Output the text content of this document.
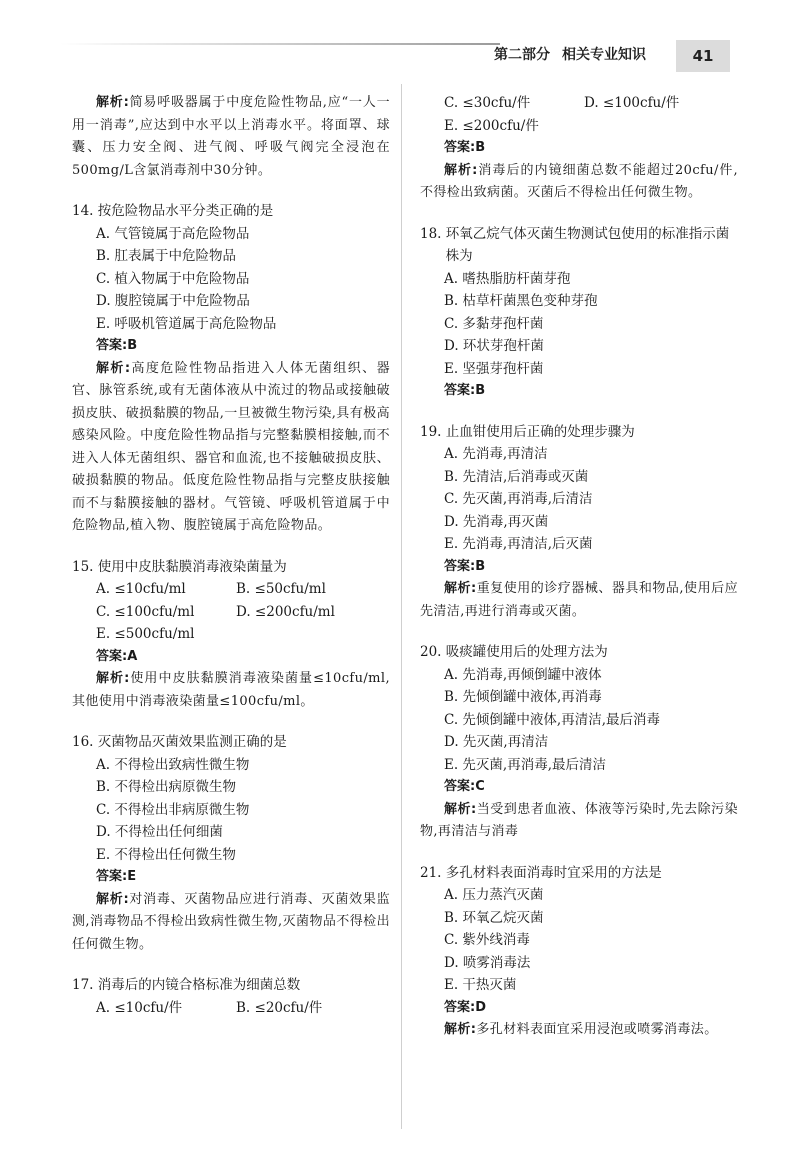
第二部分 相关专业知识	41
解析:简易呼吸器属于中度危险性物品,应“一人一用一消毒”,应达到中水平以上消毒水平。将面罩、球囊、压力安全阀、进气阀、呼吸气阀完全浸泡在500mg/L含氯消毒剂中30分钟。
14. 按危险物品水平分类正确的是
A. 气管镜属于高危险物品
B. 肛表属于中危险物品
C. 植入物属于中危险物品
D. 腹腔镜属于中危险物品
E. 呼吸机管道属于高危险物品
答案:B
解析:高度危险性物品指进入人体无菌组织、器官、脉管系统,或有无菌体液从中流过的物品或接触破损皮肤、破损黏膜的物品,一旦被微生物污染,具有极高感染风险。中度危险性物品指与完整黏膜相接触,而不进入人体无菌组织、器官和血流,也不接触破损皮肤、破损黏膜的物品。低度危险性物品指与完整皮肤接触而不与黏膜接触的器材。气管镜、呼吸机管道属于中危险物品,植入物、腹腔镜属于高危险物品。
15. 使用中皮肤黏膜消毒液染菌量为
A. ≤10cfu/ml	B. ≤50cfu/ml
C. ≤100cfu/ml	D. ≤200cfu/ml
E. ≤500cfu/ml
答案:A
解析:使用中皮肤黏膜消毒液染菌量≤10cfu/ml,其他使用中消毒液染菌量≤100cfu/ml。
16. 灭菌物品灭菌效果监测正确的是
A. 不得检出致病性微生物
B. 不得检出病原微生物
C. 不得检出非病原微生物
D. 不得检出任何细菌
E. 不得检出任何微生物
答案:E
解析:对消毒、灭菌物品应进行消毒、灭菌效果监测,消毒物品不得检出致病性微生物,灭菌物品不得检出任何微生物。
17. 消毒后的内镜合格标准为细菌总数
A. ≤10cfu/件	B. ≤20cfu/件
C. ≤30cfu/件	D. ≤100cfu/件
E. ≤200cfu/件
答案:B
解析:消毒后的内镜细菌总数不能超过20cfu/件,不得检出致病菌。灭菌后不得检出任何微生物。
18. 环氧乙烷气体灭菌生物测试包使用的标准指示菌株为
A. 嗜热脂肪杆菌芽孢
B. 枯草杆菌黑色变种芽孢
C. 多黏芽孢杆菌
D. 环状芽孢杆菌
E. 坚强芽孢杆菌
答案:B
19. 止血钳使用后正确的处理步骤为
A. 先消毒,再清洁
B. 先清洁,后消毒或灭菌
C. 先灭菌,再消毒,后清洁
D. 先消毒,再灭菌
E. 先消毒,再清洁,后灭菌
答案:B
解析:重复使用的诊疗器械、器具和物品,使用后应先清洁,再进行消毒或灭菌。
20. 吸痰罐使用后的处理方法为
A. 先消毒,再倾倒罐中液体
B. 先倾倒罐中液体,再消毒
C. 先倾倒罐中液体,再清洁,最后消毒
D. 先灭菌,再清洁
E. 先灭菌,再消毒,最后清洁
答案:C
解析:当受到患者血液、体液等污染时,先去除污染物,再清洁与消毒
21. 多孔材料表面消毒时宜采用的方法是
A. 压力蒸汽灭菌
B. 环氧乙烷灭菌
C. 紫外线消毒
D. 喷雾消毒法
E. 干热灭菌
答案:D
解析:多孔材料表面宜采用浸泡或喷雾消毒法。
